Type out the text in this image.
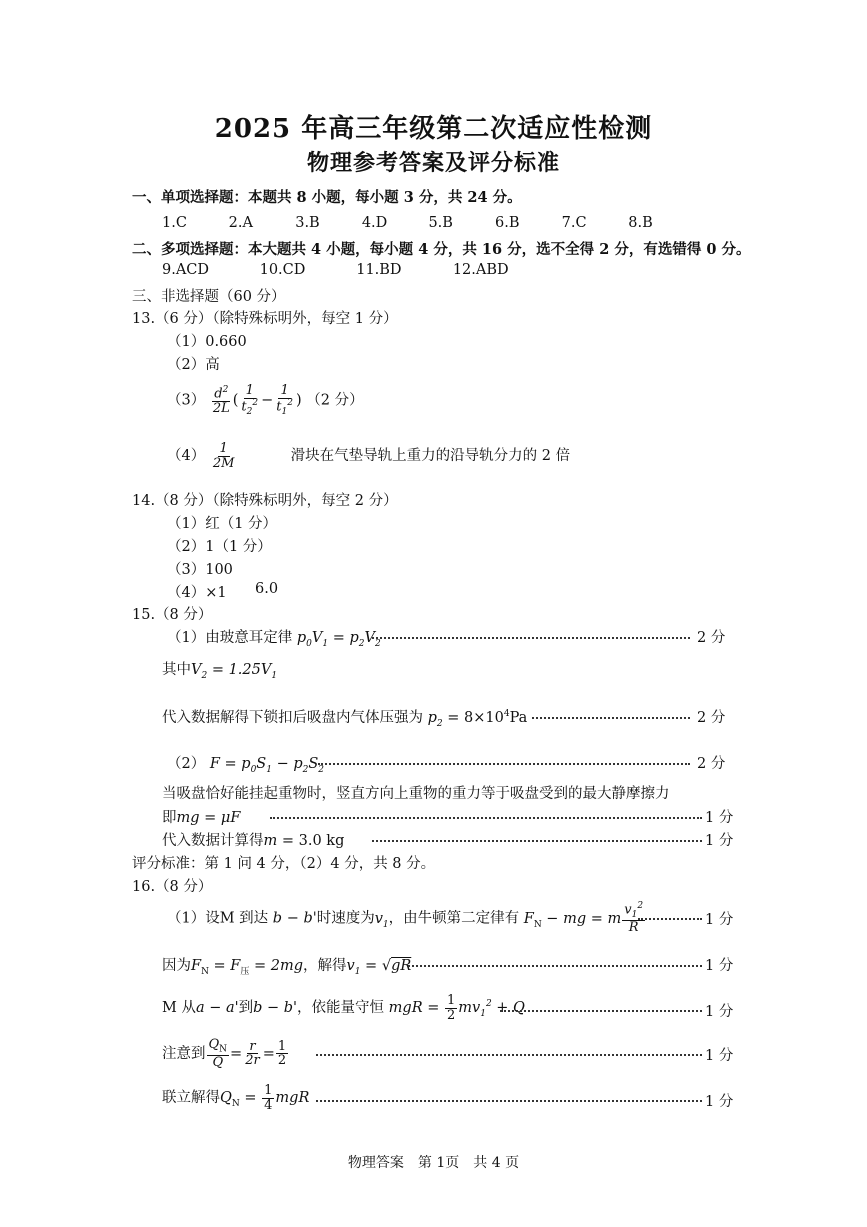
2025 年高三年级第二次适应性检测
物理参考答案及评分标准
一、单项选择题：本题共 8 小题，每小题 3 分，共 24 分。
1.C	2.A	3.B	4.D	5.B	6.B	7.C	8.B
二、多项选择题：本大题共 4 小题，每小题 4 分，共 16 分，选不全得 2 分，有选错得 0 分。
9.ACD	10.CD	11.BD	12.ABD
三、非选择题（60 分）
13.（6 分）（除特殊标明外，每空 1 分）
（1）0.660
（2）高
$(3) \frac{d^2}{2L}$ ( $\frac{1}{t_2^2} - \frac{1}{t_1^2}$ ) （2 分）
$(4) \frac{1}{2M}$	滑块在气垫导轨上重力的沿导轨分力的 2 倍
14.（8 分）（除特殊标明外，每空 2 分）
（1）红（1 分）
（2）1（1 分）
（3）100
（4）×1 6.0
15.（8 分）
（1）由玻意耳定律 $p_0V_1 = p_2V_2$	2 分
其中$V_2 = 1.25V_1$
代入数据解得下锁扣后吸盘内气体压强为 $p_2 = 8\times 10^4Pa$	2 分
（2） $F = p_0S_1 - p_2S_2$	2 分
当吸盘恰好能挂起重物时，竖直方向上重物的重力等于吸盘受到的最大静摩擦力
即mg = μF	1 分
代入数据计算得m = 3.0 kg	1 分
评分标准：第 1 问 4 分，（2）4 分，共 8 分。
16.（8 分）
（1）设M 到达 b − b'时速度为$v_1$，由牛顿第二定律有 $F_N$ − mg = m $\frac{v_1^2}{R}$	1 分
因为$F_N = F_压 = 2mg$，解得$v_1 = √gR$	1 分
M 从a − a'到b − b'，依能量守恒 mgR = $\frac{1}{2} mv_1^2 + Q$	1 分
注意到 $\frac{Q_N}{Q} = \frac{r}{2r} = \frac{1}{2}$	1 分
联立解得$Q_N = \frac{1}{4}$ mgR	1 分
物理答案　第 1页　共 4 页
